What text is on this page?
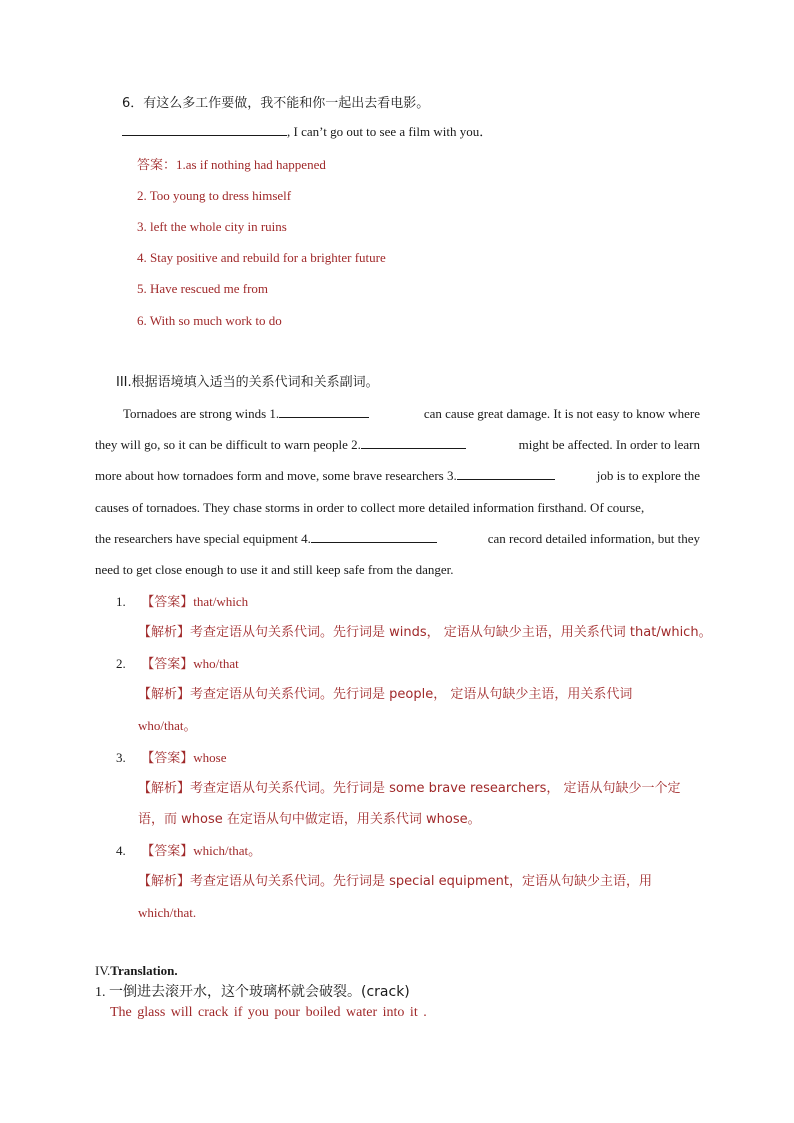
6．有这么多工作要做，我不能和你一起出去看电影。
, I can’t go out to see a film with you．
答案：1.as if nothing had happened
2. Too young to dress himself
3. left the whole city in ruins
4. Stay positive and rebuild for a brighter future
5. Have rescued me from
6. With so much work to do
III.根据语境填入适当的关系代词和关系副词。
Tornadoes are strong winds 1.	can cause great damage. It is not easy to know where
they will go, so it can be difficult to warn people 2.	might be affected. In order to learn
more about how tornadoes form and move, some brave researchers 3.	job is to explore the
causes of tornadoes. They chase storms in order to collect more detailed information firsthand. Of course,
the researchers have special equipment 4.	can record detailed information, but they
need to get close enough to use it and still keep safe from the danger.
1. 【答案】that/which
【解析】考查定语从句关系代词。先行词是 winds， 定语从句缺少主语，用关系代词 that/which。
2. 【答案】who/that
【解析】考查定语从句关系代词。先行词是 people， 定语从句缺少主语，用关系代词
who/that。
3. 【答案】whose
【解析】考查定语从句关系代词。先行词是 some brave researchers， 定语从句缺少一个定
语，而 whose 在定语从句中做定语，用关系代词 whose。
4. 【答案】which/that。
【解析】考查定语从句关系代词。先行词是 special equipment，定语从句缺少主语，用
which/that.
IV.Translation.
1. 一倒进去滚开水，这个玻璃杯就会破裂。(crack)
The glass will crack if you pour boiled water into it .
